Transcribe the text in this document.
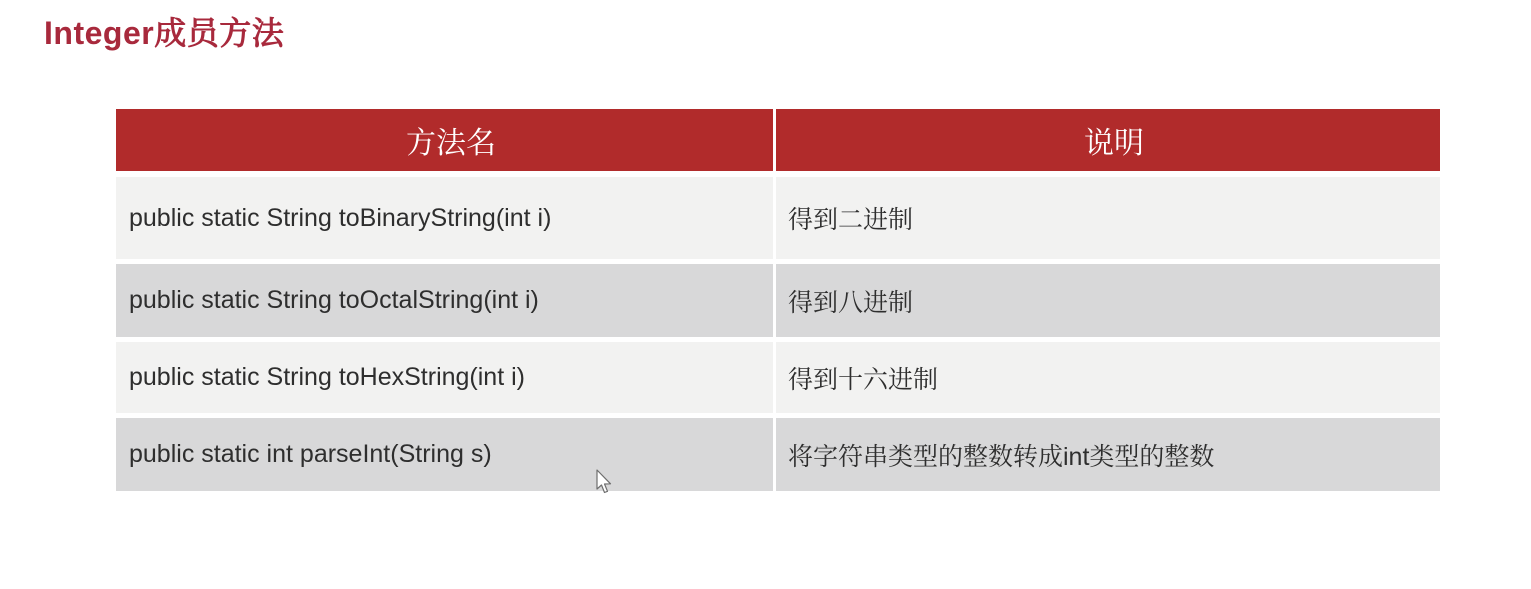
Integer成员方法
方法名	说明
public static String toBinaryString(int i)	得到二进制
public static String toOctalString(int i)	得到八进制
public static String toHexString(int i)	得到十六进制
public static int parseInt(String s)	将字符串类型的整数转成int类型的整数
